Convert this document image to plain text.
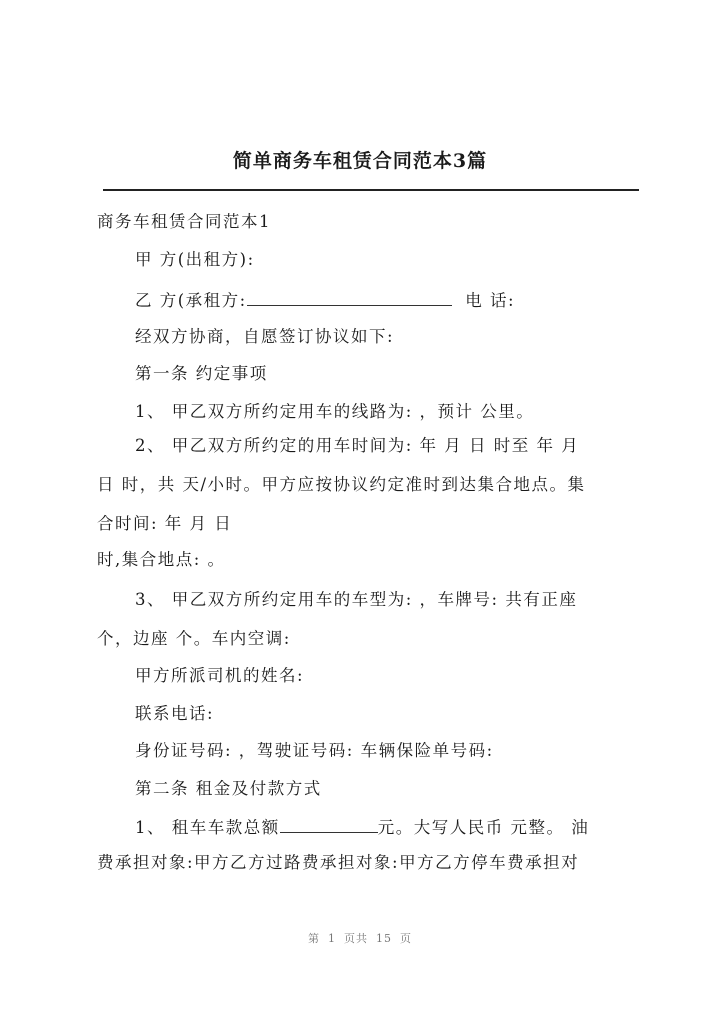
简单商务车租赁合同范本3篇
商务车租赁合同范本1
甲 方(出租方):
乙 方(承租方:	电 话:
经双方协商，自愿签订协议如下:
第一条 约定事项
1、 甲乙双方所约定用车的线路为: ，预计 公里。
2、 甲乙双方所约定的用车时间为: 年 月 日 时至 年 月
日 时，共 天/小时。甲方应按协议约定准时到达集合地点。集
合时间: 年 月 日
时,集合地点: 。
3、 甲乙双方所约定用车的车型为: ，车牌号: 共有正座
个，边座 个。车内空调:
甲方所派司机的姓名:
联系电话:
身份证号码: ，驾驶证号码: 车辆保险单号码:
第二条 租金及付款方式
1、 租车车款总额	元。大写人民币 元整。 油
费承担对象:甲方乙方过路费承担对象:甲方乙方停车费承担对
第 1 页共 15 页
